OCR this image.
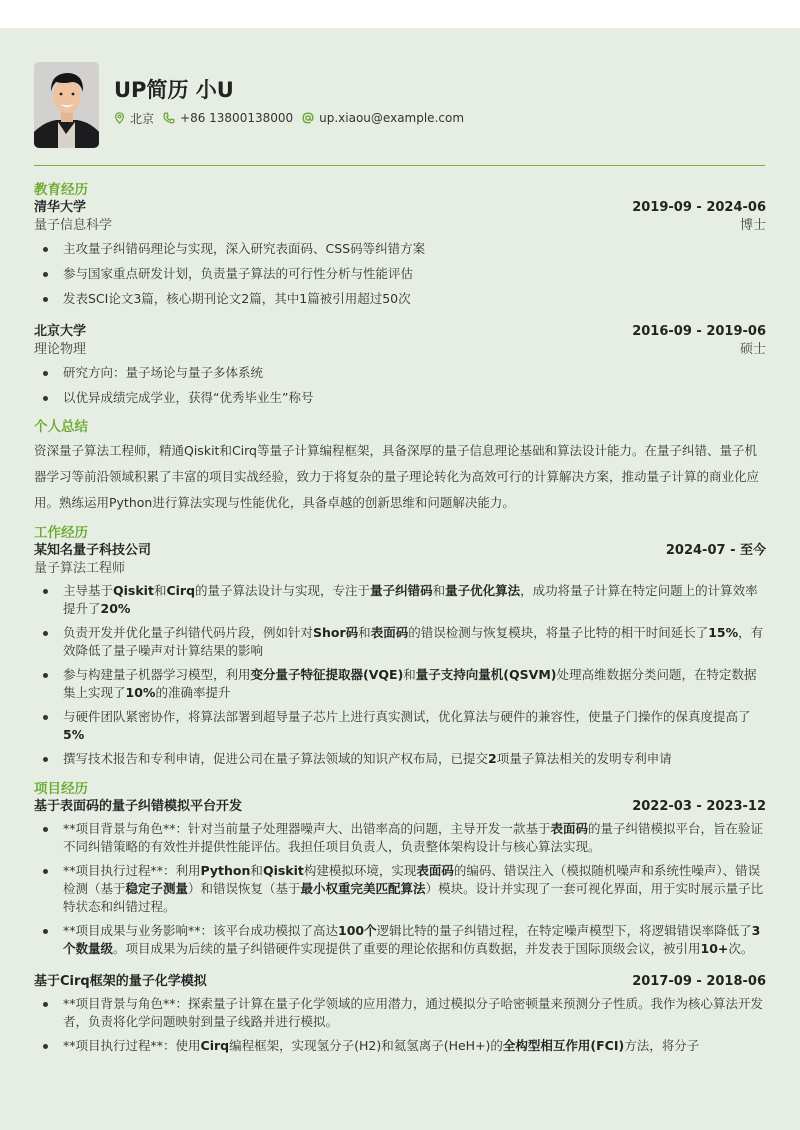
UP简历 小U
北京 +86 13800138000 up.xiaou@example.com
教育经历
清华大学	2019-09 - 2024-06
量子信息科学	博士
主攻量子纠错码理论与实现，深入研究表面码、CSS码等纠错方案
参与国家重点研发计划，负责量子算法的可行性分析与性能评估
发表SCI论文3篇，核心期刊论文2篇，其中1篇被引用超过50次
北京大学	2016-09 - 2019-06
理论物理	硕士
研究方向：量子场论与量子多体系统
以优异成绩完成学业，获得“优秀毕业生”称号
个人总结
资深量子算法工程师，精通Qiskit和Cirq等量子计算编程框架，具备深厚的量子信息理论基础和算法设计能力。在量子纠错、量子机器学习等前沿领域积累了丰富的项目实战经验，致力于将复杂的量子理论转化为高效可行的计算解决方案，推动量子计算的商业化应用。熟练运用Python进行算法实现与性能优化，具备卓越的创新思维和问题解决能力。
工作经历
某知名量子科技公司	2024-07 - 至今
量子算法工程师
主导基于Qiskit和Cirq的量子算法设计与实现，专注于量子纠错码和量子优化算法，成功将量子计算在特定问题上的计算效率提升了20%
负责开发并优化量子纠错代码片段，例如针对Shor码和表面码的错误检测与恢复模块，将量子比特的相干时间延长了15%，有效降低了量子噪声对计算结果的影响
参与构建量子机器学习模型，利用变分量子特征提取器(VQE)和量子支持向量机(QSVM)处理高维数据分类问题，在特定数据集上实现了10%的准确率提升
与硬件团队紧密协作，将算法部署到超导量子芯片上进行真实测试，优化算法与硬件的兼容性，使量子门操作的保真度提高了5%
撰写技术报告和专利申请，促进公司在量子算法领域的知识产权布局，已提交2项量子算法相关的发明专利申请
项目经历
基于表面码的量子纠错模拟平台开发	2022-03 - 2023-12
**项目背景与角色**：针对当前量子处理器噪声大、出错率高的问题，主导开发一款基于表面码的量子纠错模拟平台，旨在验证不同纠错策略的有效性并提供性能评估。我担任项目负责人，负责整体架构设计与核心算法实现。
**项目执行过程**：利用Python和Qiskit构建模拟环境，实现表面码的编码、错误注入（模拟随机噪声和系统性噪声）、错误检测（基于稳定子测量）和错误恢复（基于最小权重完美匹配算法）模块。设计并实现了一套可视化界面，用于实时展示量子比特状态和纠错过程。
**项目成果与业务影响**：该平台成功模拟了高达100个逻辑比特的量子纠错过程，在特定噪声模型下，将逻辑错误率降低了3个数量级。项目成果为后续的量子纠错硬件实现提供了重要的理论依据和仿真数据，并发表于国际顶级会议，被引用10+次。
基于Cirq框架的量子化学模拟	2017-09 - 2018-06
**项目背景与角色**：探索量子计算在量子化学领域的应用潜力，通过模拟分子哈密顿量来预测分子性质。我作为核心算法开发者，负责将化学问题映射到量子线路并进行模拟。
**项目执行过程**：使用Cirq编程框架，实现氢分子(H2)和氦氢离子(HeH+)的全构型相互作用(FCI)方法，将分子
